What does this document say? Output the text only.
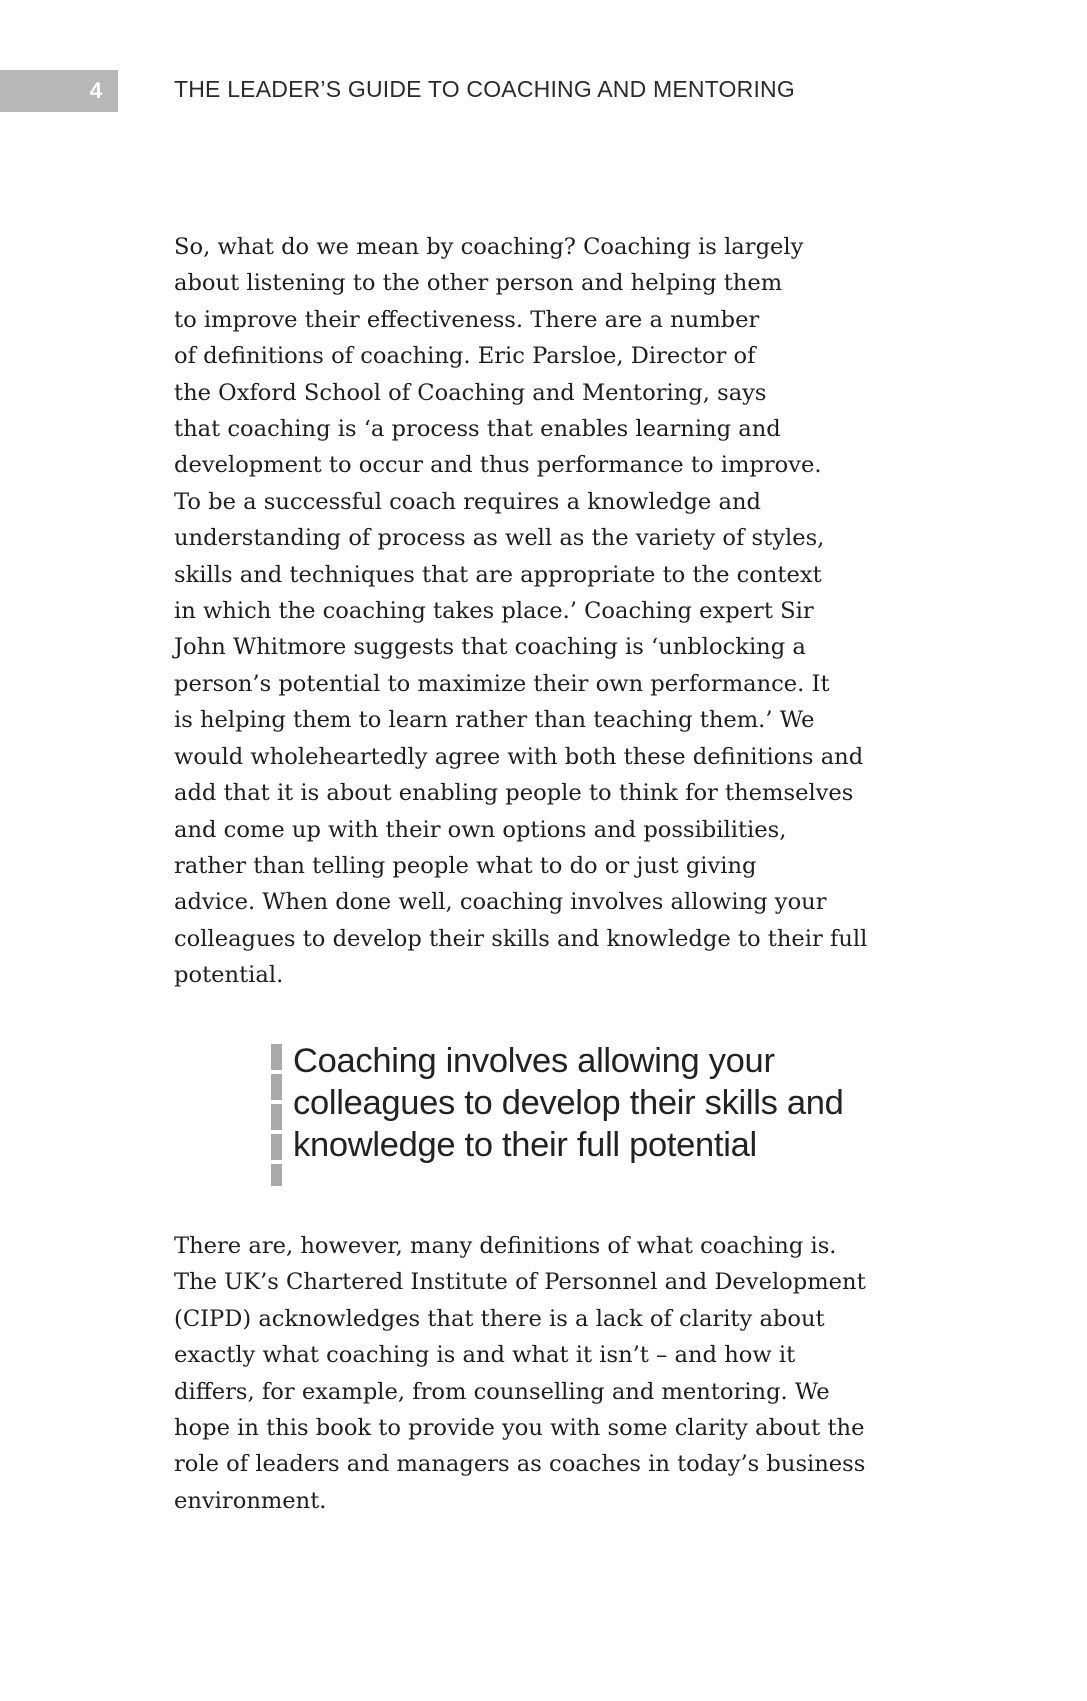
4	THE LEADER’S GUIDE TO COACHING AND MENTORING
So, what do we mean by coaching? Coaching is largely
about listening to the other person and helping them
to improve their effectiveness. There are a number
of definitions of coaching. Eric Parsloe, Director of
the Oxford School of Coaching and Mentoring, says
that coaching is ‘a process that enables learning and
development to occur and thus performance to improve.
To be a successful coach requires a knowledge and
understanding of process as well as the variety of styles,
skills and techniques that are appropriate to the context
in which the coaching takes place.’ Coaching expert Sir
John Whitmore suggests that coaching is ‘unblocking a
person’s potential to maximize their own performance. It
is helping them to learn rather than teaching them.’ We
would wholeheartedly agree with both these definitions and
add that it is about enabling people to think for themselves
and come up with their own options and possibilities,
rather than telling people what to do or just giving
advice. When done well, coaching involves allowing your
colleagues to develop their skills and knowledge to their full
potential.
Coaching involves allowing your
colleagues to develop their skills and
knowledge to their full potential
There are, however, many definitions of what coaching is.
The UK’s Chartered Institute of Personnel and Development
(CIPD) acknowledges that there is a lack of clarity about
exactly what coaching is and what it isn’t – and how it
differs, for example, from counselling and mentoring. We
hope in this book to provide you with some clarity about the
role of leaders and managers as coaches in today’s business
environment.
